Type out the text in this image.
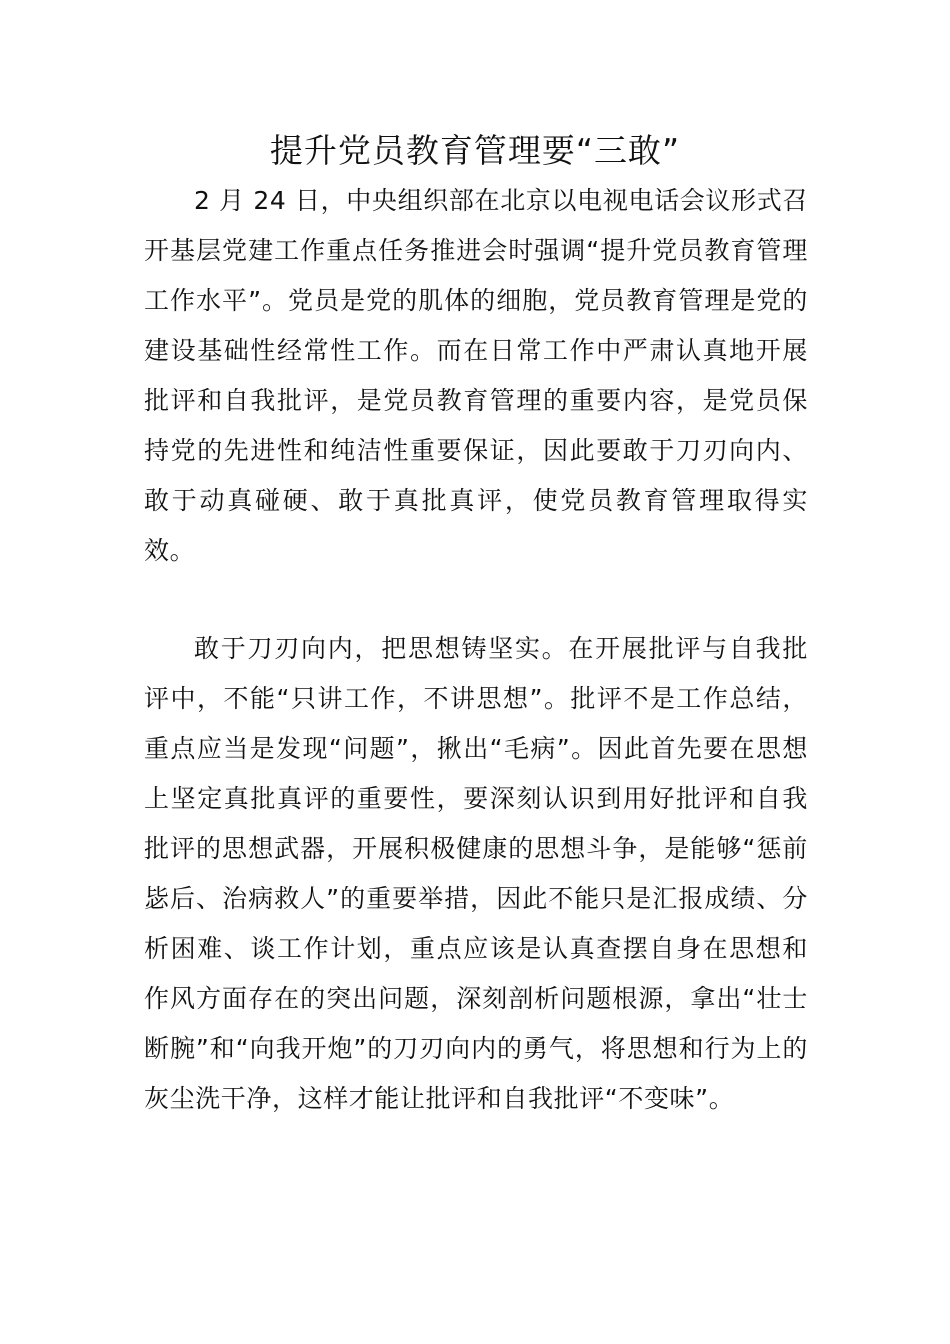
提升党员教育管理要“三敢”

2 月 24 日，中央组织部在北京以电视电话会议形式召开基层党建工作重点任务推进会时强调“提升党员教育管理工作水平”。党员是党的肌体的细胞，党员教育管理是党的建设基础性经常性工作。而在日常工作中严肃认真地开展批评和自我批评，是党员教育管理的重要内容，是党员保持党的先进性和纯洁性重要保证，因此要敢于刀刃向内、敢于动真碰硬、敢于真批真评，使党员教育管理取得实效。

敢于刀刃向内，把思想铸坚实。在开展批评与自我批评中，不能“只讲工作，不讲思想”。批评不是工作总结，重点应当是发现“问题”，揪出“毛病”。因此首先要在思想上坚定真批真评的重要性，要深刻认识到用好批评和自我批评的思想武器，开展积极健康的思想斗争，是能够“惩前毖后、治病救人”的重要举措，因此不能只是汇报成绩、分析困难、谈工作计划，重点应该是认真查摆自身在思想和作风方面存在的突出问题，深刻剖析问题根源，拿出“壮士断腕”和“向我开炮”的刀刃向内的勇气，将思想和行为上的灰尘洗干净，这样才能让批评和自我批评“不变味”。
